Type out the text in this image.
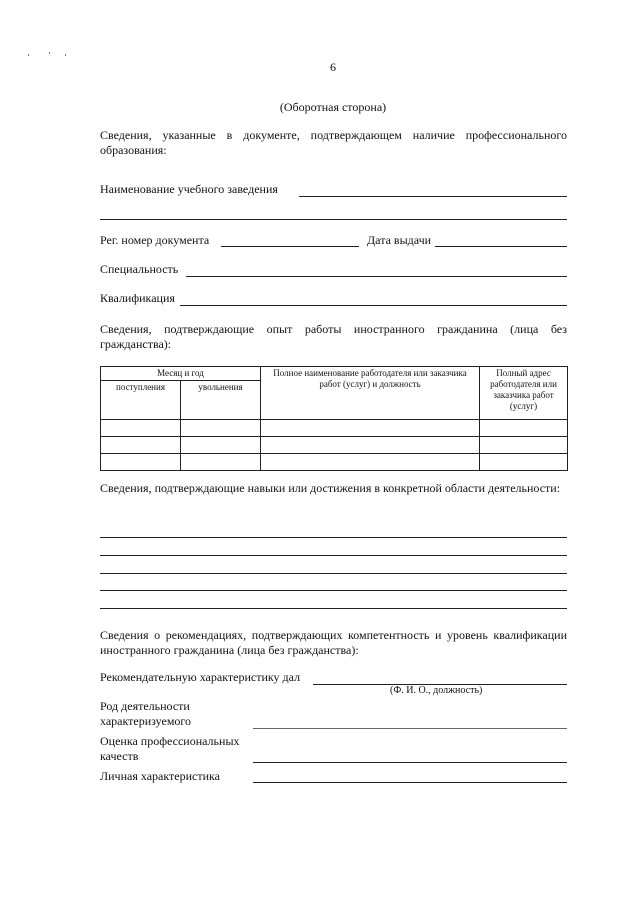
6
(Оборотная сторона)
Сведения, указанные в документе, подтверждающем наличие профессионального образования:
Наименование учебного заведения
Рег. номер документа	Дата выдачи
Специальность
Квалификация
Сведения, подтверждающие опыт работы иностранного гражданина (лица без гражданства):
Месяц и год		Полное наименование работодателя или заказчика работ (услуг) и должность	Полный адрес работодателя или заказчика работ (услуг)
поступления	увольнения		

Сведения, подтверждающие навыки или достижения в конкретной области деятельности:
Сведения о рекомендациях, подтверждающих компетентность и уровень квалификации иностранного гражданина (лица без гражданства):
Рекомендательную характеристику дал
(Ф. И. О., должность)
Род деятельности
характеризуемого
Оценка профессиональных
качеств
Личная характеристика
